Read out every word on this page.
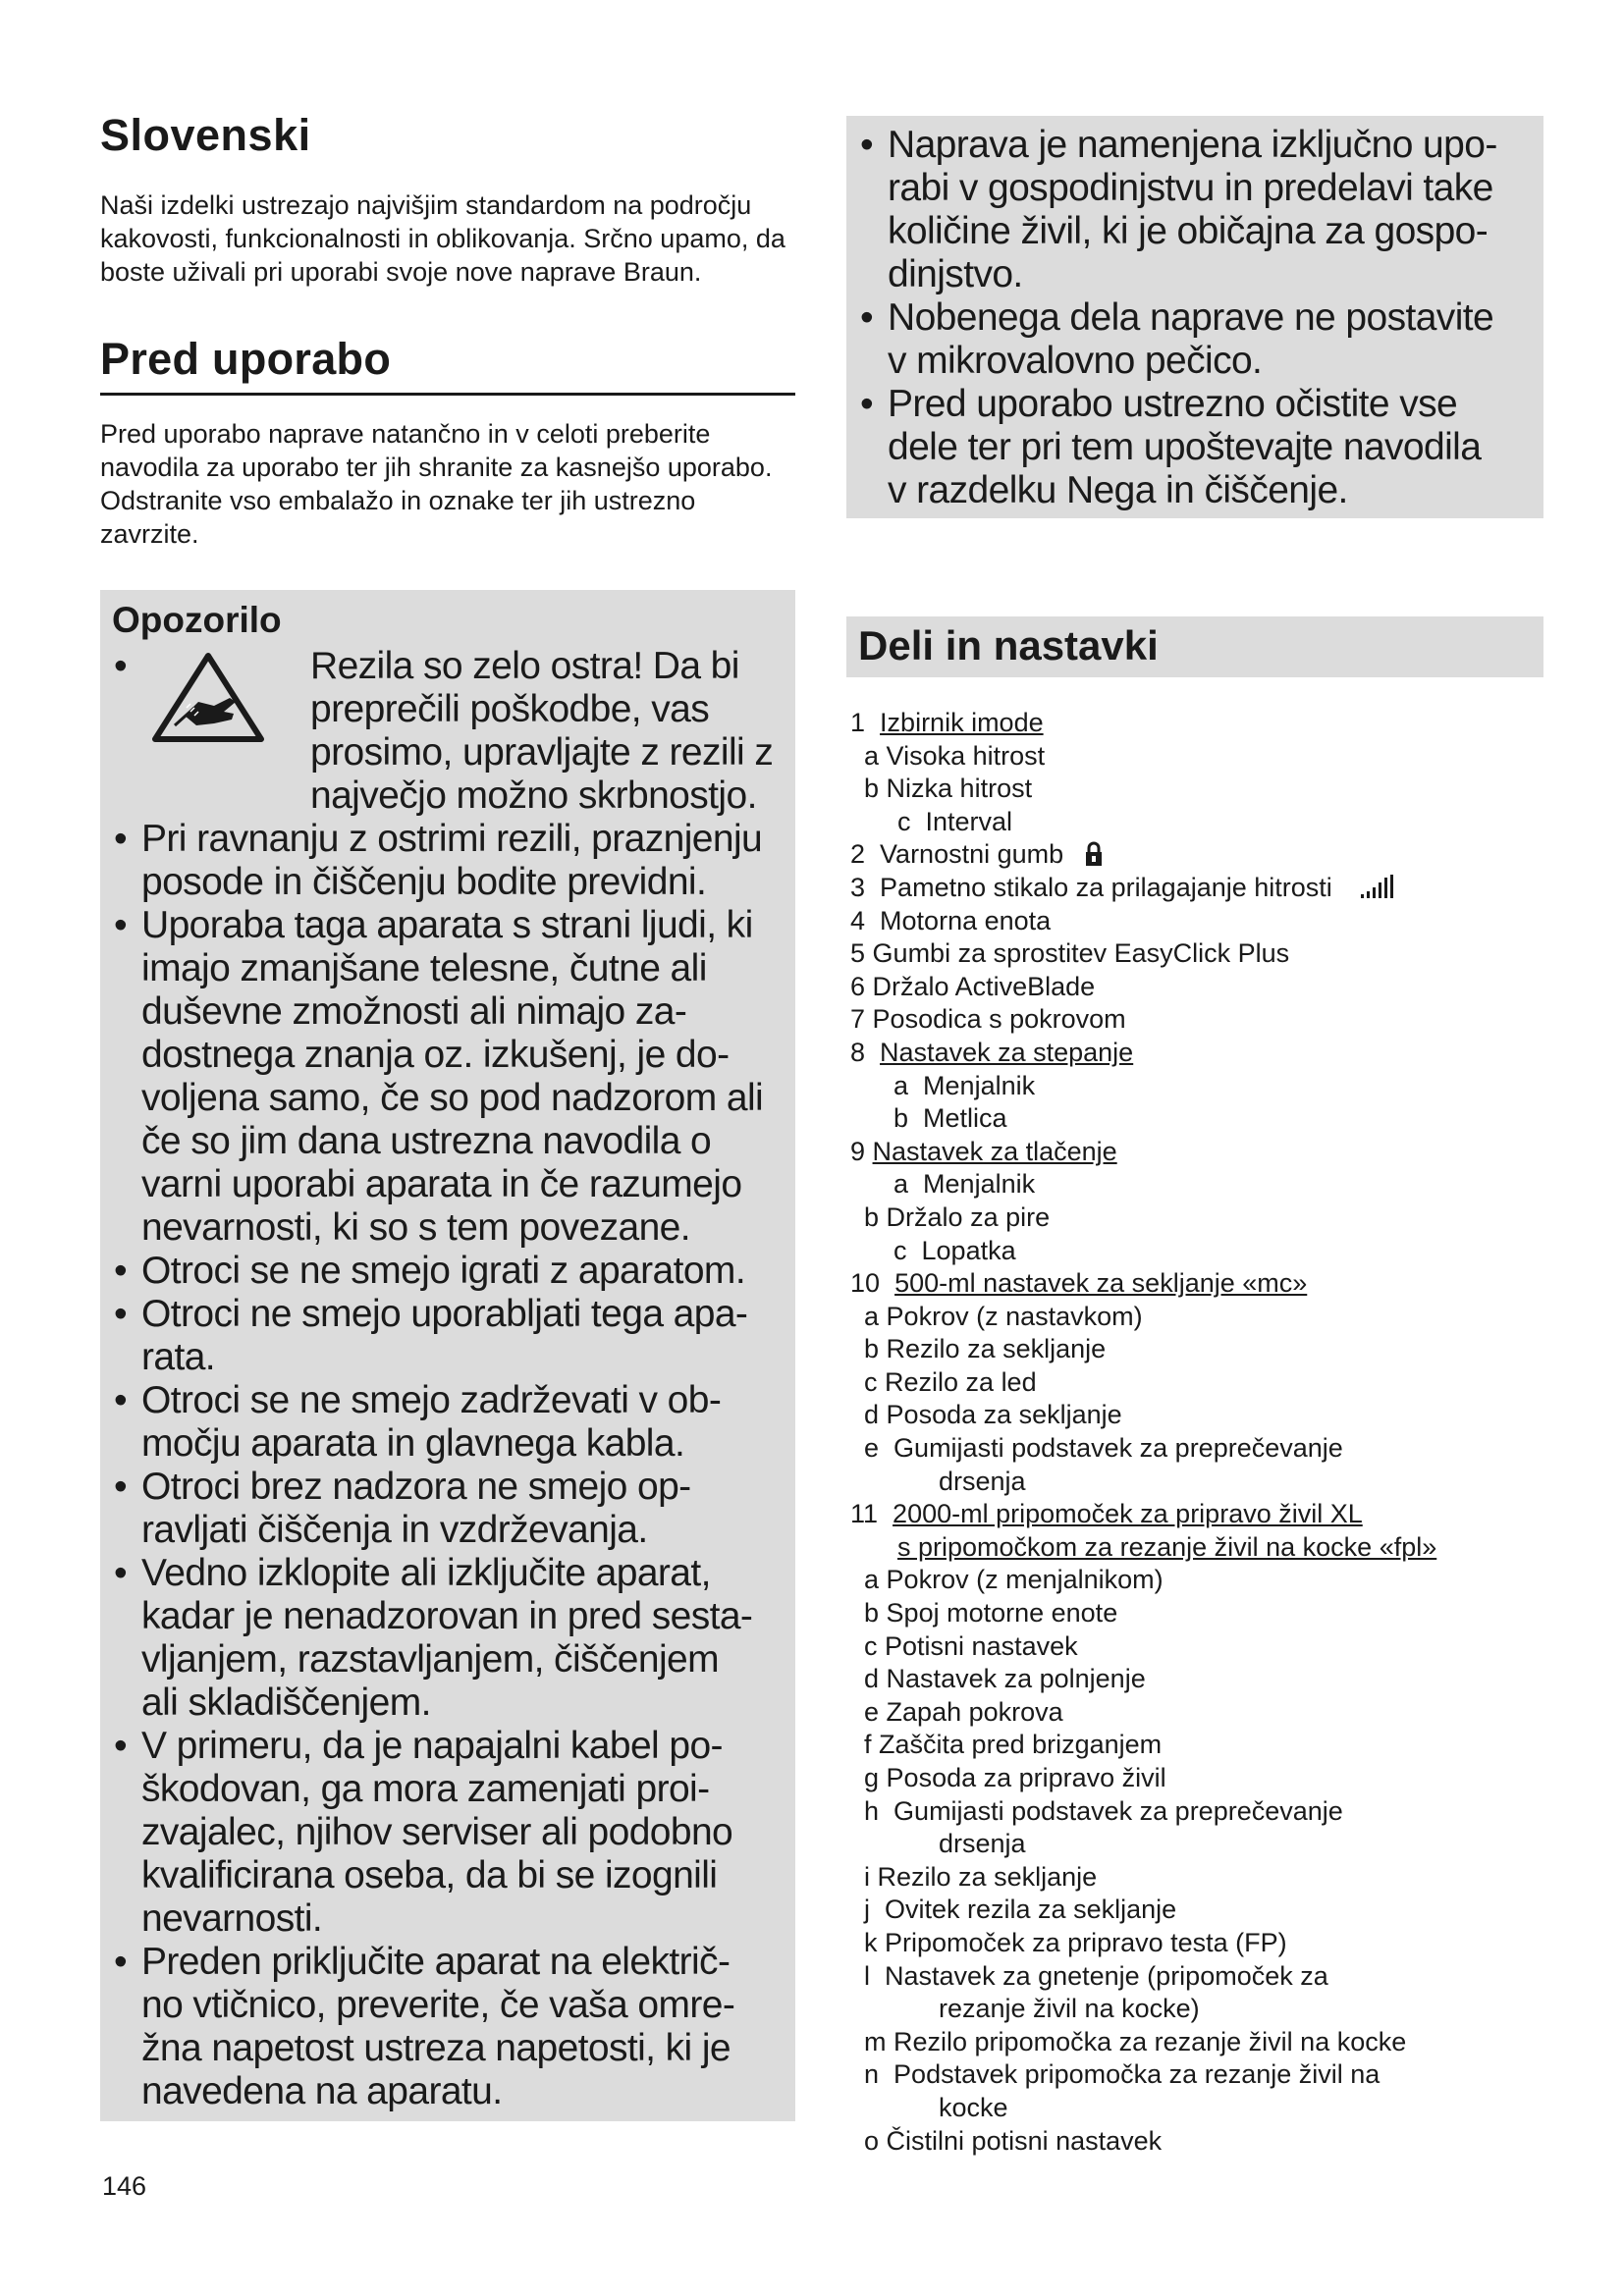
Slovenski

Naši izdelki ustrezajo najvišjim standardom na področju kakovosti, funkcionalnosti in oblikovanja. Srčno upamo, da boste uživali pri uporabi svoje nove naprave Braun.

Pred uporabo

Pred uporabo naprave natančno in v celoti preberite navodila za uporabo ter jih shranite za kasnejšo uporabo. Odstranite vso embalažo in oznake ter jih ustrezno zavrzite.

Opozorilo
• Rezila so zelo ostra! Da bi
preprečili poškodbe, vas
prosimo, upravljajte z rezili z
največjo možno skrbnostjo.
• Pri ravnanju z ostrimi rezili, praznjenju
posode in čiščenju bodite previdni.
• Uporaba taga aparata s strani ljudi, ki
imajo zmanjšane telesne, čutne ali
duševne zmožnosti ali nimajo za-
dostnega znanja oz. izkušenj, je do-
voljena samo, če so pod nadzorom ali
če so jim dana ustrezna navodila o
varni uporabi aparata in če razumejo
nevarnosti, ki so s tem povezane.
• Otroci se ne smejo igrati z aparatom.
• Otroci ne smejo uporabljati tega apa-
rata.
• Otroci se ne smejo zadrževati v ob-
močju aparata in glavnega kabla.
• Otroci brez nadzora ne smejo op-
ravljati čiščenja in vzdrževanja.
• Vedno izklopite ali izključite aparat,
kadar je nenadzorovan in pred sesta-
vljanjem, razstavljanjem, čiščenjem
ali skladiščenjem.
• V primeru, da je napajalni kabel po-
škodovan, ga mora zamenjati proi-
zvajalec, njihov serviser ali podobno
kvalificirana oseba, da bi se izognili
nevarnosti.
• Preden priključite aparat na električ-
no vtičnico, preverite, če vaša omre-
žna napetost ustreza napetosti, ki je
navedena na aparatu.
• Naprava je namenjena izključno upo-
rabi v gospodinjstvu in predelavi take
količine živil, ki je običajna za gospo-
dinjstvo.
• Nobenega dela naprave ne postavite
v mikrovalovno pečico.
• Pred uporabo ustrezno očistite vse
dele ter pri tem upoštevajte navodila
v razdelku Nega in čiščenje.
Deli in nastavki
1 Izbirnik imode
a Visoka hitrost
b Nizka hitrost
c Interval
2 Varnostni gumb
3 Pametno stikalo za prilagajanje hitrosti
4 Motorna enota
5 Gumbi za sprostitev EasyClick Plus
6 Držalo ActiveBlade
7 Posodica s pokrovom
8 Nastavek za stepanje
a Menjalnik
b Metlica
9 Nastavek za tlačenje
a Menjalnik
b Držalo za pire
c Lopatka
10 500-ml nastavek za sekljanje «mc»
a Pokrov (z nastavkom)
b Rezilo za sekljanje
c Rezilo za led
d Posoda za sekljanje
e Gumijasti podstavek za preprečevanje
drsenja
11 2000-ml pripomoček za pripravo živil XL
s pripomočkom za rezanje živil na kocke «fpl»
a Pokrov (z menjalnikom)
b Spoj motorne enote
c Potisni nastavek
d Nastavek za polnjenje
e Zapah pokrova
f Zaščita pred brizganjem
g Posoda za pripravo živil
h Gumijasti podstavek za preprečevanje
drsenja
i Rezilo za sekljanje
j Ovitek rezila za sekljanje
k Pripomoček za pripravo testa (FP)
l Nastavek za gnetenje (pripomoček za
rezanje živil na kocke)
m Rezilo pripomočka za rezanje živil na kocke
n Podstavek pripomočka za rezanje živil na
kocke
o Čistilni potisni nastavek
146
